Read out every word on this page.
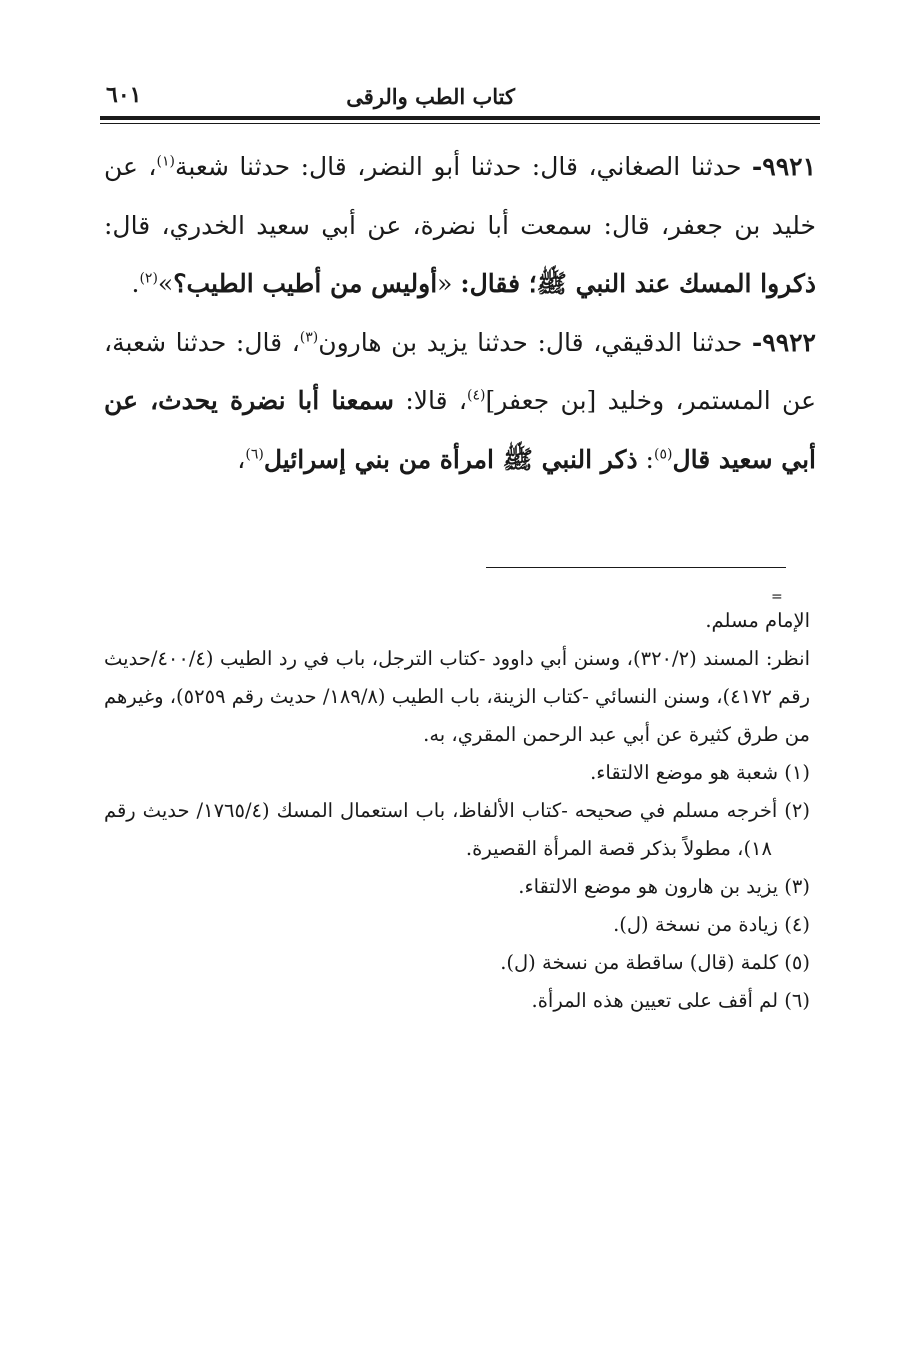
كتاب الطب والرقى
٦٠١

٩٩٢١- حدثنا الصغاني، قال: حدثنا أبو النضر، قال: حدثنا شعبة$^{(١)}$، عن خليد بن جعفر، قال: سمعت أبا نضرة، عن أبي سعيد الخدري، قال: ذكروا المسك عند النبي ﷺ؛ فقال: «أوليس من أطيب الطيب؟»$^{(٢)}$.

٩٩٢٢- حدثنا الدقيقي، قال: حدثنا يزيد بن هارون$^{(٣)}$، قال: حدثنا شعبة، عن المستمر، وخليد [بن جعفر]$^{(٤)}$، قالا: سمعنا أبا نضرة يحدث، عن أبي سعيد قال$^{(٥)}$: ذكر النبي ﷺ امرأة من بني إسرائيل$^{(٦)}$،

=

الإمام مسلم.
انظر: المسند (٣٢٠/٢)، وسنن أبي داوود -كتاب الترجل، باب في رد الطيب (٤٠٠/٤/حديث رقم ٤١٧٢)، وسنن النسائي -كتاب الزينة، باب الطيب (١٨٩/٨/ حديث رقم ٥٢٥٩)، وغيرهم من طرق كثيرة عن أبي عبد الرحمن المقري، به.

(١) شعبة هو موضع الالتقاء.

(٢) أخرجه مسلم في صحيحه -كتاب الألفاظ، باب استعمال المسك (١٧٦٥/٤/ حديث رقم ١٨)، مطولاً بذكر قصة المرأة القصيرة.

(٣) يزيد بن هارون هو موضع الالتقاء.

(٤) زيادة من نسخة (ل).

(٥) كلمة (قال) ساقطة من نسخة (ل).

(٦) لم أقف على تعيين هذه المرأة.
